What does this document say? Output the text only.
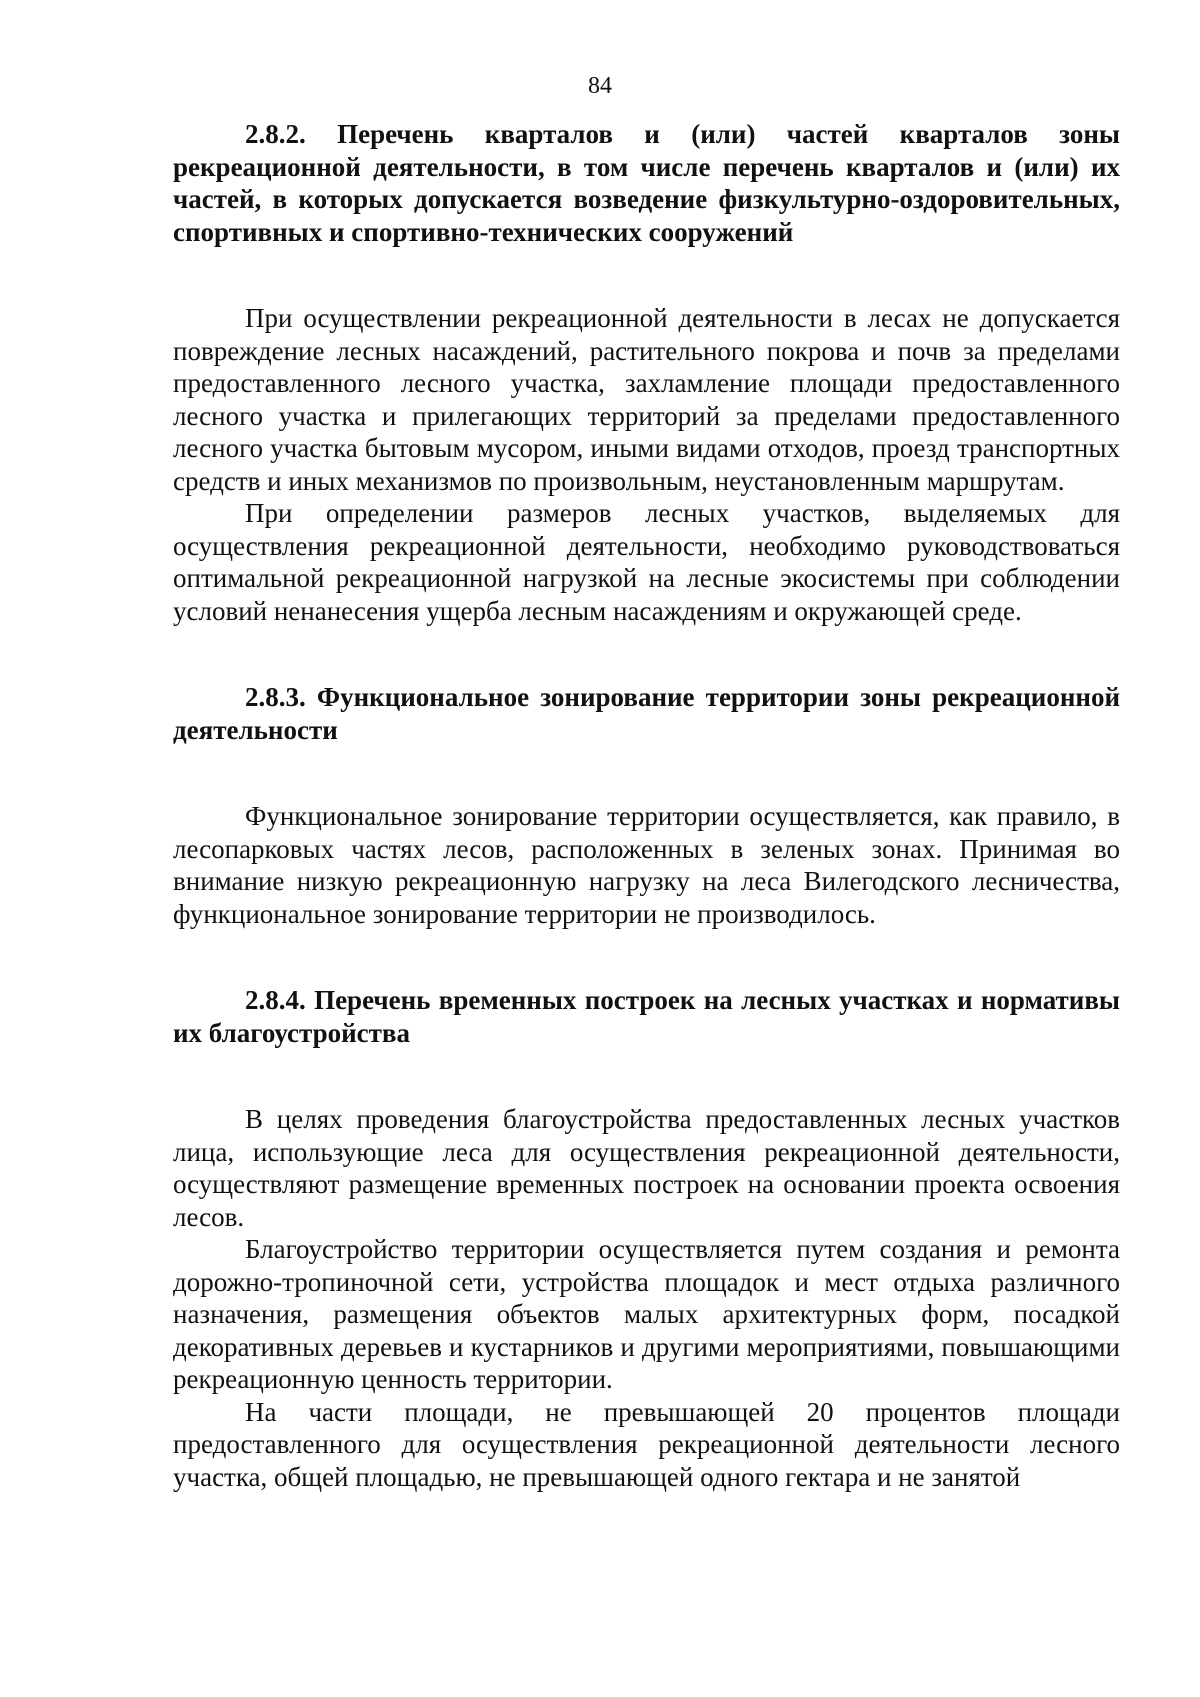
84

2.8.2. Перечень кварталов и (или) частей кварталов зоны рекреационной деятельности, в том числе перечень кварталов и (или) их частей, в которых допускается возведение физкультурно-оздоровительных, спортивных и спортивно-технических сооружений

При осуществлении рекреационной деятельности в лесах не допускается повреждение лесных насаждений, растительного покрова и почв за пределами предоставленного лесного участка, захламление площади предоставленного лесного участка и прилегающих территорий за пределами предоставленного лесного участка бытовым мусором, иными видами отходов, проезд транспортных средств и иных механизмов по произвольным, неустановленным маршрутам.

При определении размеров лесных участков, выделяемых для осуществления рекреационной деятельности, необходимо руководствоваться оптимальной рекреационной нагрузкой на лесные экосистемы при соблюдении условий ненанесения ущерба лесным насаждениям и окружающей среде.

2.8.3. Функциональное зонирование территории зоны рекреационной деятельности

Функциональное зонирование территории осуществляется, как правило, в лесопарковых частях лесов, расположенных в зеленых зонах. Принимая во внимание низкую рекреационную нагрузку на леса Вилегодского лесничества, функциональное зонирование территории не производилось.

2.8.4. Перечень временных построек на лесных участках и нормативы их благоустройства

В целях проведения благоустройства предоставленных лесных участков лица, использующие леса для осуществления рекреационной деятельности, осуществляют размещение временных построек на основании проекта освоения лесов.

Благоустройство территории осуществляется путем создания и ремонта дорожно-тропиночной сети, устройства площадок и мест отдыха различного назначения, размещения объектов малых архитектурных форм, посадкой декоративных деревьев и кустарников и другими мероприятиями, повышающими рекреационную ценность территории.

На части площади, не превышающей 20 процентов площади предоставленного для осуществления рекреационной деятельности лесного участка, общей площадью, не превышающей одного гектара и не занятой
